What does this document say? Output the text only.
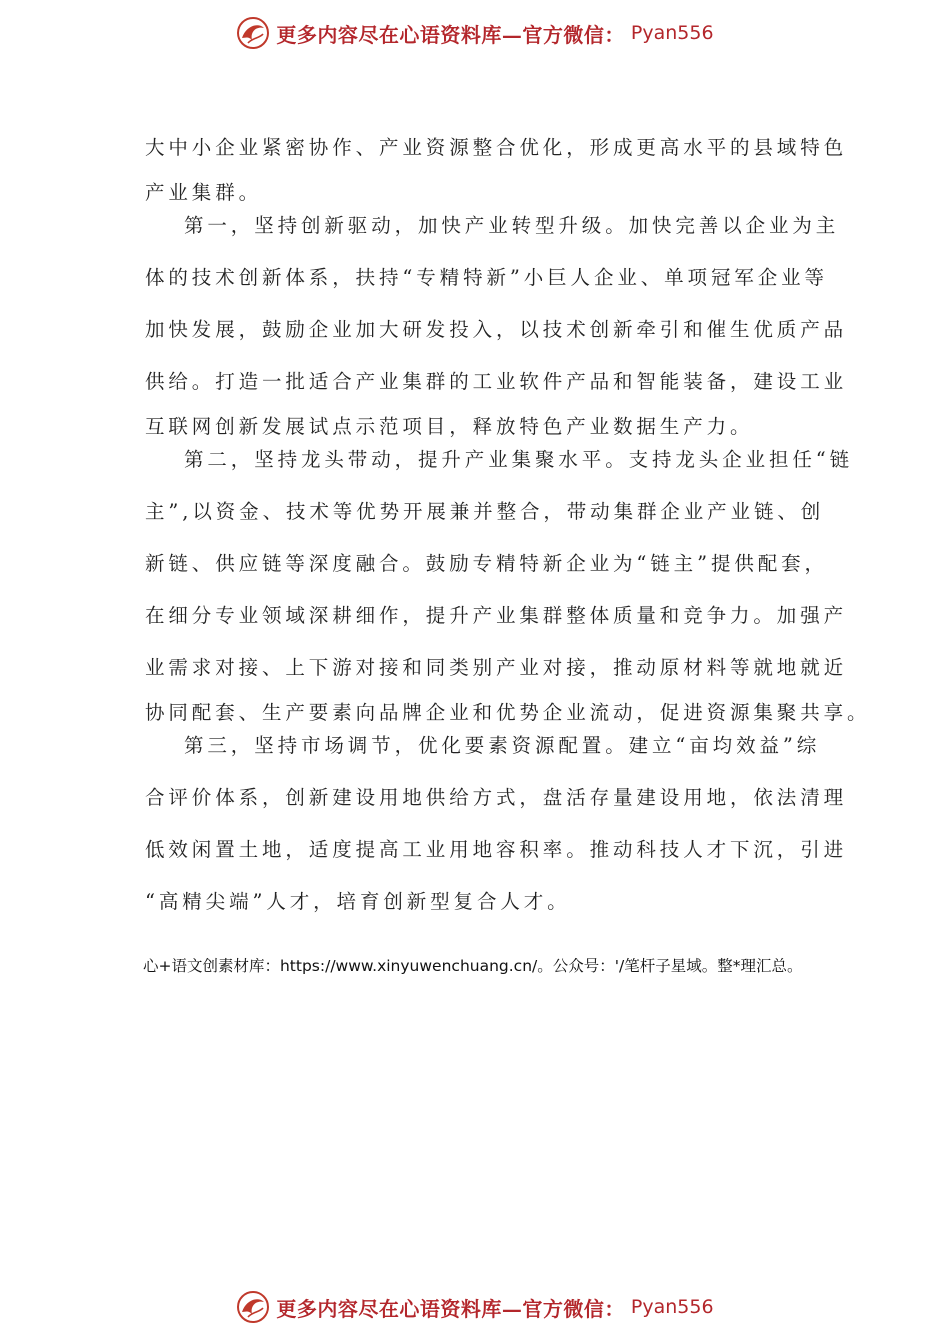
更多内容尽在心语资料库—官方微信： Pyan556
大中小企业紧密协作、产业资源整合优化，形成更高水平的县域特色
产业集群。
第一，坚持创新驱动，加快产业转型升级。加快完善以企业为主
体的技术创新体系，扶持“专精特新”小巨人企业、单项冠军企业等
加快发展，鼓励企业加大研发投入，以技术创新牵引和催生优质产品
供给。打造一批适合产业集群的工业软件产品和智能装备，建设工业
互联网创新发展试点示范项目，释放特色产业数据生产力。
第二，坚持龙头带动，提升产业集聚水平。支持龙头企业担任“链
主”,以资金、技术等优势开展兼并整合，带动集群企业产业链、创
新链、供应链等深度融合。鼓励专精特新企业为“链主”提供配套，
在细分专业领域深耕细作，提升产业集群整体质量和竞争力。加强产
业需求对接、上下游对接和同类别产业对接，推动原材料等就地就近
协同配套、生产要素向品牌企业和优势企业流动，促进资源集聚共享。
第三，坚持市场调节，优化要素资源配置。建立“亩均效益”综
合评价体系，创新建设用地供给方式，盘活存量建设用地，依法清理
低效闲置土地，适度提高工业用地容积率。推动科技人才下沉，引进
“高精尖端”人才，培育创新型复合人才。
心+语文创素材库：https://www.xinyuwenchuang.cn/。公众号：'/笔杆子星域。整*理汇总。
更多内容尽在心语资料库—官方微信： Pyan556
